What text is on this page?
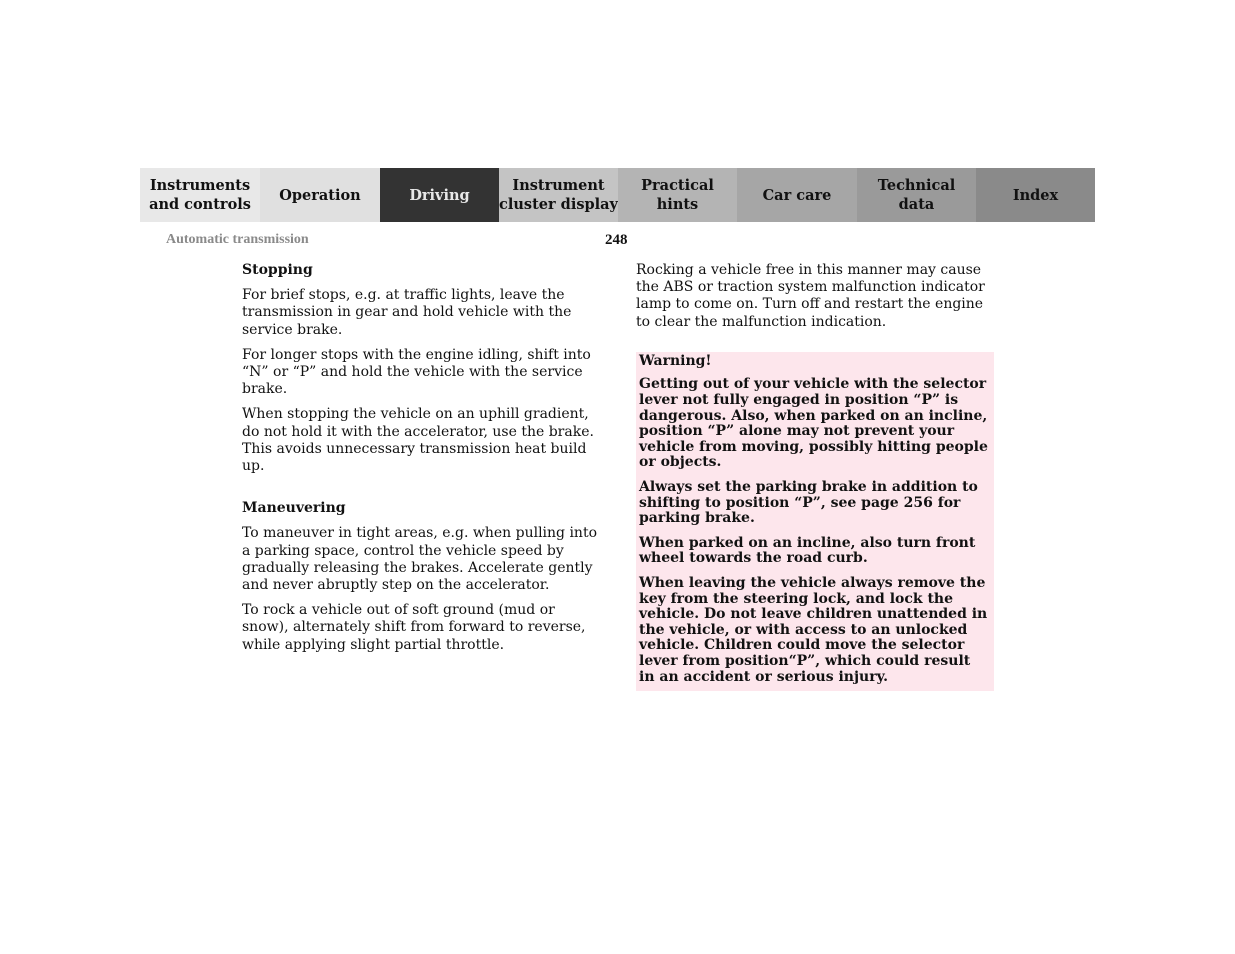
Instruments
and controls
Operation	Driving
Instrument
cluster display
Practical hints
Car care
Technical
data
Index
Automatic transmission	248
Stopping

For brief stops, e.g. at traffic lights, leave the transmission in gear and hold vehicle with the service brake.

For longer stops with the engine idling, shift into “N” or “P” and hold the vehicle with the service brake.

When stopping the vehicle on an uphill gradient, do not hold it with the accelerator, use the brake. This avoids unnecessary transmission heat build up.

Maneuvering

To maneuver in tight areas, e.g. when pulling into a parking space, control the vehicle speed by gradually releasing the brakes. Accelerate gently and never abruptly step on the accelerator.

To rock a vehicle out of soft ground (mud or snow), alternately shift from forward to reverse, while applying slight partial throttle.

Rocking a vehicle free in this manner may cause the ABS or traction system malfunction indicator lamp to come on. Turn off and restart the engine to clear the malfunction indication.

Warning!

Getting out of your vehicle with the selector lever not fully engaged in position “P” is dangerous. Also, when parked on an incline, position “P” alone may not prevent your vehicle from moving, possibly hitting people or objects.

Always set the parking brake in addition to shifting to position “P”, see page 256 for parking brake.

When parked on an incline, also turn front wheel towards the road curb.

When leaving the vehicle always remove the key from the steering lock, and lock the vehicle. Do not leave children unattended in the vehicle, or with access to an unlocked vehicle. Children could move the selector lever from position“P”, which could result in an accident or serious injury.
